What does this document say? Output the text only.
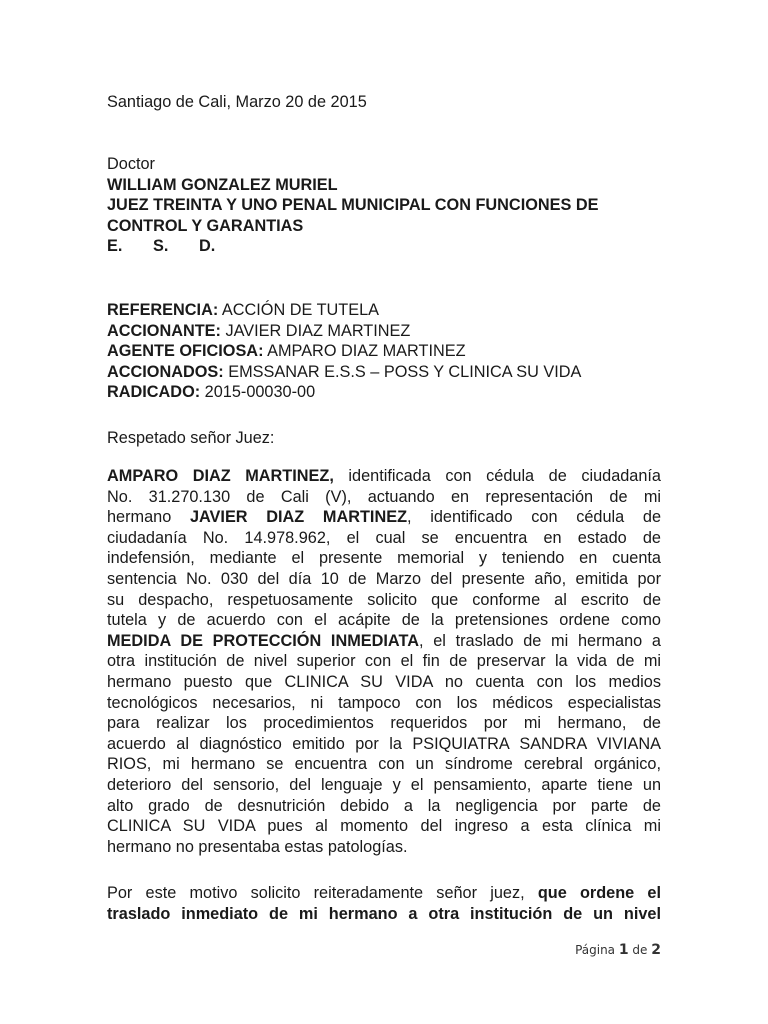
Santiago de Cali, Marzo 20 de 2015
Doctor
WILLIAM GONZALEZ MURIEL
JUEZ TREINTA Y UNO PENAL MUNICIPAL CON FUNCIONES DE
CONTROL Y GARANTIAS
E. S. D.
REFERENCIA: ACCIÓN DE TUTELA
ACCIONANTE: JAVIER DIAZ MARTINEZ
AGENTE OFICIOSA: AMPARO DIAZ MARTINEZ
ACCIONADOS: EMSSANAR E.S.S – POSS Y CLINICA SU VIDA
RADICADO: 2015-00030-00
Respetado señor Juez:
AMPARO DIAZ MARTINEZ, identificada con cédula de ciudadanía
No. 31.270.130 de Cali (V), actuando en representación de mi
hermano JAVIER DIAZ MARTINEZ, identificado con cédula de
ciudadanía No. 14.978.962, el cual se encuentra en estado de
indefensión, mediante el presente memorial y teniendo en cuenta
sentencia No. 030 del día 10 de Marzo del presente año, emitida por
su despacho, respetuosamente solicito que conforme al escrito de
tutela y de acuerdo con el acápite de la pretensiones ordene como
MEDIDA DE PROTECCIÓN INMEDIATA, el traslado de mi hermano a
otra institución de nivel superior con el fin de preservar la vida de mi
hermano puesto que CLINICA SU VIDA no cuenta con los medios
tecnológicos necesarios, ni tampoco con los médicos especialistas
para realizar los procedimientos requeridos por mi hermano, de
acuerdo al diagnóstico emitido por la PSIQUIATRA SANDRA VIVIANA
RIOS, mi hermano se encuentra con un síndrome cerebral orgánico,
deterioro del sensorio, del lenguaje y el pensamiento, aparte tiene un
alto grado de desnutrición debido a la negligencia por parte de
CLINICA SU VIDA pues al momento del ingreso a esta clínica mi
hermano no presentaba estas patologías.
Por este motivo solicito reiteradamente señor juez, que ordene el
traslado inmediato de mi hermano a otra institución de un nivel
Página 1 de 2
